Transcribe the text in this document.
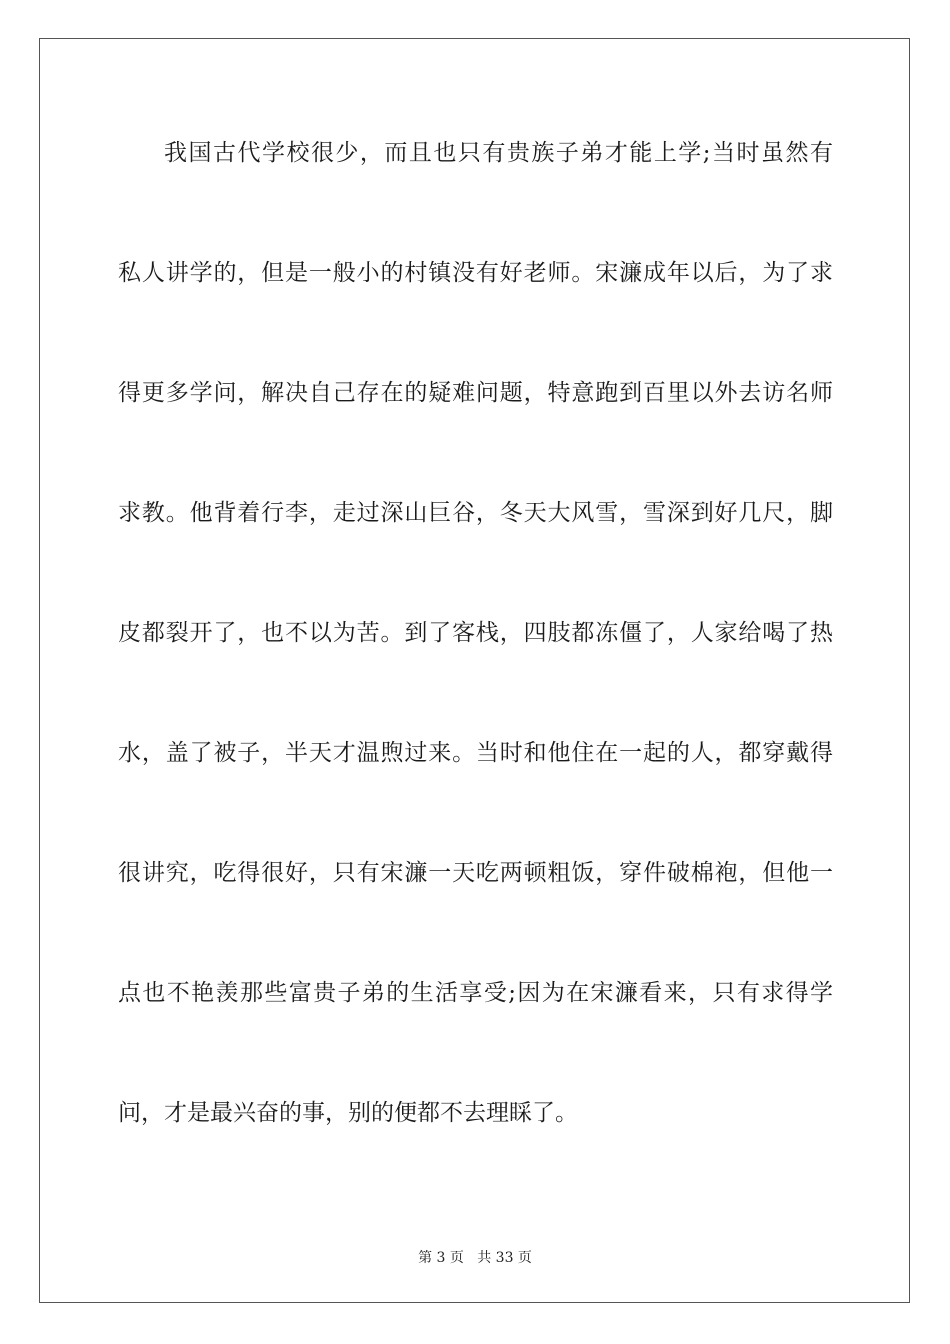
我国古代学校很少，而且也只有贵族子弟才能上学;当时虽然有
私人讲学的，但是一般小的村镇没有好老师。宋濂成年以后，为了求
得更多学问，解决自己存在的疑难问题，特意跑到百里以外去访名师
求教。他背着行李，走过深山巨谷，冬天大风雪，雪深到好几尺，脚
皮都裂开了，也不以为苦。到了客栈，四肢都冻僵了，人家给喝了热
水，盖了被子，半天才温煦过来。当时和他住在一起的人，都穿戴得
很讲究，吃得很好，只有宋濂一天吃两顿粗饭，穿件破棉袍，但他一
点也不艳羡那些富贵子弟的生活享受;因为在宋濂看来，只有求得学
问，才是最兴奋的事，别的便都不去理睬了。
第 3 页   共 33 页
